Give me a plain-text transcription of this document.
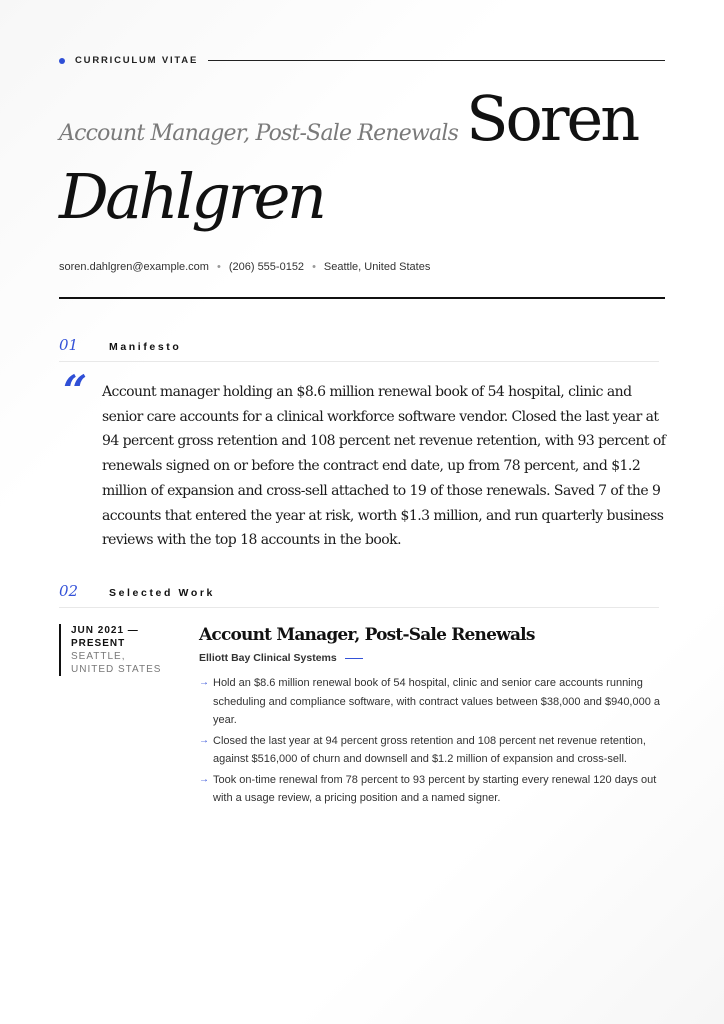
CURRICULUM VITAE
Account Manager, Post-Sale Renewals Soren
Dahlgren
soren.dahlgren@example.com • (206) 555-0152 • Seattle, United States
01	Manifesto
“ Account manager holding an $8.6 million renewal book of 54 hospital, clinic and senior care accounts for a clinical workforce software vendor. Closed the last year at 94 percent gross retention and 108 percent net revenue retention, with 93 percent of renewals signed on or before the contract end date, up from 78 percent, and $1.2 million of expansion and cross-sell attached to 19 of those renewals. Saved 7 of the 9 accounts that entered the year at risk, worth $1.3 million, and run quarterly business reviews with the top 18 accounts in the book.

02	Selected Work
JUN 2021 — PRESENT
SEATTLE, UNITED STATES
Account Manager, Post-Sale Renewals
Elliott Bay Clinical Systems
→ Hold an $8.6 million renewal book of 54 hospital, clinic and senior care accounts running scheduling and compliance software, with contract values between $38,000 and $940,000 a year.
→ Closed the last year at 94 percent gross retention and 108 percent net revenue retention, against $516,000 of churn and downsell and $1.2 million of expansion and cross-sell.
→ Took on-time renewal from 78 percent to 93 percent by starting every renewal 120 days out with a usage review, a pricing position and a named signer.
